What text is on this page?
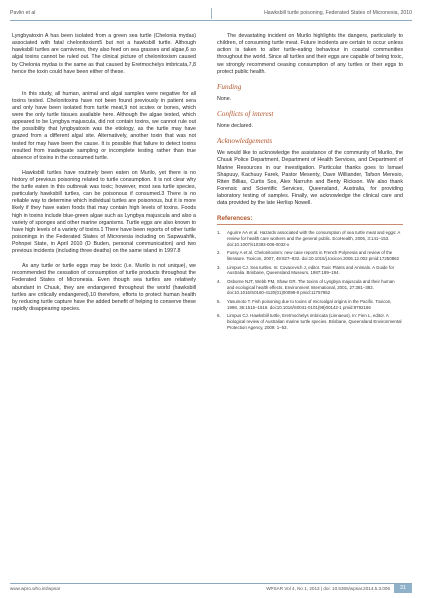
Pavlin et al	Hawksbill turtle poisoning, Federated States of Micronesia, 2010

Lyngbyatoxin A has been isolated from a green sea turtle (Chelonia mydas) associated with fatal chelonitoxism5 but not a hawksbill turtle. Although hawksbill turtles are carnivores, they also feed on sea grasses and algae,6 so algal toxins cannot be ruled out. The clinical picture of chelonitoxism caused by Chelonia mydas is the same as that caused by Eretmochelys imbricata,7,8 hence the toxin could have been either of these.

In this study, all human, animal and algal samples were negative for all toxins tested. Chelonitoxins have not been found previously in patient sera and only have been isolated from turtle meat,9 not scutes or bones, which were the only turtle tissues available here. Although the algae tested, which appeared to be Lyngbya majuscula, did not contain toxins, we cannot rule out the possibility that lyngbyatoxin was the etiology, as the turtle may have grazed from a different algal site. Alternatively, another toxin that was not tested for may have been the cause. It is possible that failure to detect toxins resulted from inadequate sampling or incomplete testing rather than true absence of toxins in the consumed turtle.

Hawksbill turtles have routinely been eaten on Murilo, yet there is no history of previous poisoning related to turtle consumption. It is not clear why the turtle eaten in this outbreak was toxic; however, most sea turtle species, particularly hawksbill turtles, can be poisonous if consumed.3 There is no reliable way to determine which individual turtles are poisonous, but it is more likely if they have eaten foods that may contain high levels of toxins. Foods high in toxins include blue-green algae such as Lyngbya majuscula and also a variety of sponges and other marine organisms. Turtle eggs are also known to have high levels of a variety of toxins.1 There have been reports of other turtle poisonings in the Federated States of Micronesia including on Sapwuahfik, Pohnpei State, in April 2010 (D Buden, personal communication) and two previous incidents (including three deaths) on the same island in 1997.8

As any turtle or turtle eggs may be toxic (i.e. Murilo is not unique), we recommended the cessation of consumption of turtle products throughout the Federated States of Micronesia. Even though sea turtles are relatively abundant in Chuuk, they are endangered throughout the world (hawksbill turtles are critically endangered),10 therefore, efforts to protect human health by reducing turtle capture have the added benefit of helping to conserve these rapidly disappearing species.

The devastating incident on Murilo highlights the dangers, particularly to children, of consuming turtle meat. Future incidents are certain to occur unless action is taken to alter turtle-eating behaviour in coastal communities throughout the world. Since all turtles and their eggs are capable of being toxic, we strongly recommend ceasing consumption of any turtles or their eggs to protect public health.

Funding
None.
Conflicts of interest
None declared.
Acknowledgements

We would like to acknowledge the assistance of the community of Murilo, the Chuuk Police Department, Department of Health Services, and Department of Marine Resources in our investigation. Particular thanks goes to Ismael Shapuuy, Kachuuy Farek, Pastor Mesenty, Dave Williander, Tafson Meresio, Riten Billias, Curtis Sos, Alex Narruhn and Benty Rickson. We also thank Forensic and Scientific Services, Queensland, Australia, for providing laboratory testing of samples. Finally, we acknowledge the clinical care and data provided by the late Herlisp Nowell.

References:
1. Aguirre AA et al. Hazards associated with the consumption of sea turtle meat and eggs: A review for health care workers and the general public. EcoHealth, 2006, 3:141–153. doi:10.1007/s10393-006-0032-x
2. Fussy A et al. Chelonitoxism: new case reports in French Polynesia and review of the literature. Toxicon, 2007, 49:827–832. doi:10.1016/j.toxicon.2006.12.002 pmid:17250862
3. Limpus CJ. Sea turtles. In: Covacevich J, editor. Toxic Plants and Animals. A Guide for Australia. Brisbane, Queensland Museum, 1987:189–194.
4. Osborne NJT, Webb PM, Shaw GR. The toxins of Lyngbya majuscula and their human and ecological health effects. Environment International, 2001, 27:381–392. doi:10.1016/S0160-4120(01)00098-8 pmid:11757852
5. Yasumoto T. Fish poisoning due to toxins of microalgal origins in the Pacific. Toxicon, 1998, 36:1515–1518. doi:10.1016/S0041-0101(98)00142-1 pmid:9792166
6. Limpus CJ. Hawksbill turtle, Eretmochelys imbricata (Linnaeus). In: Fien L, editor. A biological review of Australian marine turtle species. Brisbane, Queensland Environmental Protection Agency, 2009: 1–53.
www.wpro.who.int/wpsar	WPSAR Vol 4, No 1, 2013 | doi: 10.5365/wpsar.2014.5.3.006	31
